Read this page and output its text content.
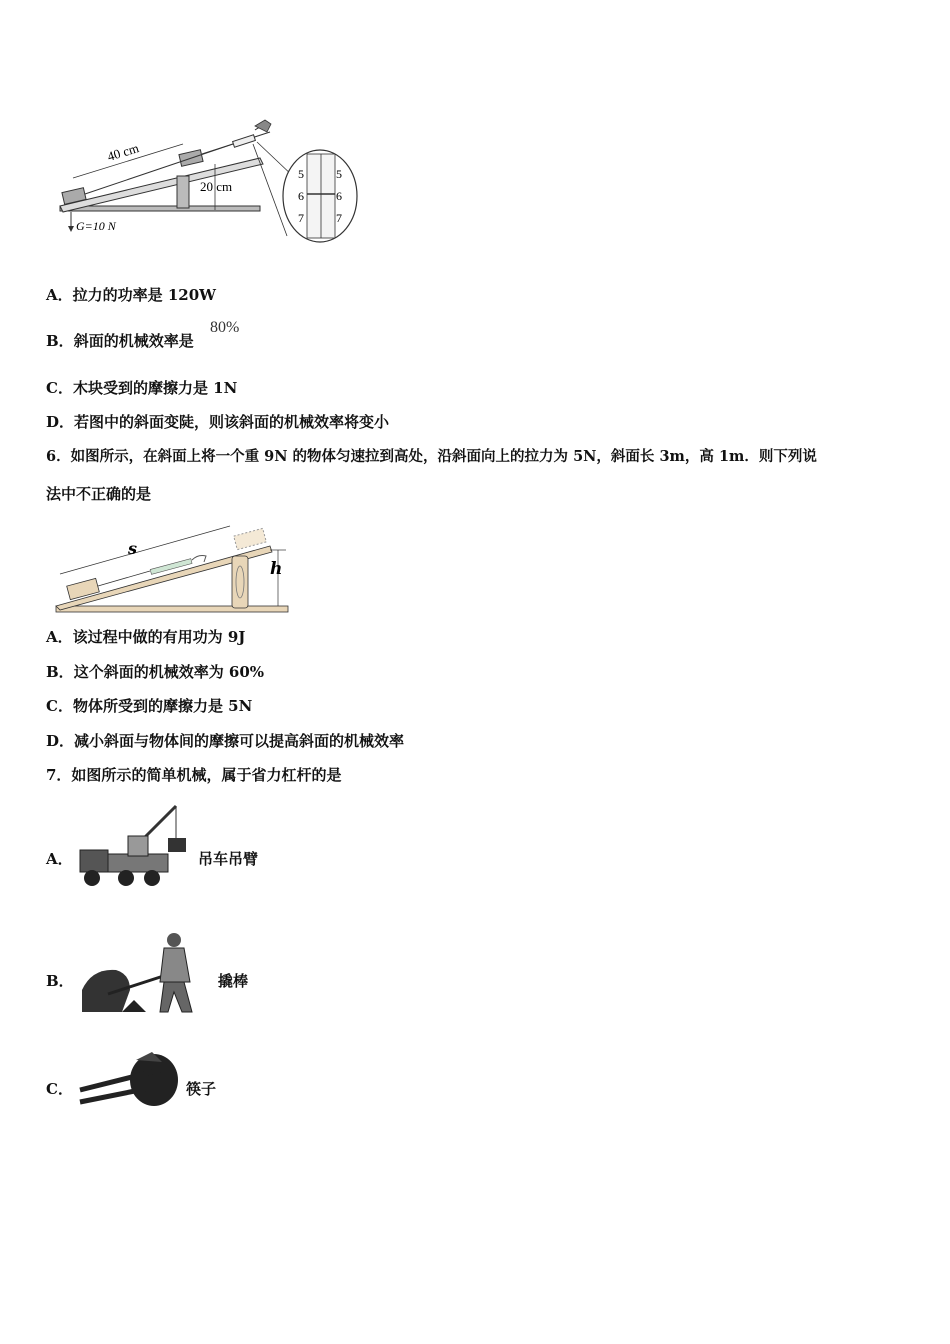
40 cm
20 cm
G=10 N
5
6
7
5
6
7
A．拉力的功率是 120W
B．斜面的机械效率是
80%
C．木块受到的摩擦力是 1N
D．若图中的斜面变陡，则该斜面的机械效率将变小
6．如图所示，在斜面上将一个重 9N 的物体匀速拉到高处，沿斜面向上的拉力为 5N，斜面长 3m，高 1m．则下列说
法中不正确的是
s
h
A．该过程中做的有用功为 9J
B．这个斜面的机械效率为 60%
C．物体所受到的摩擦力是 5N
D．减小斜面与物体间的摩擦可以提高斜面的机械效率
7．如图所示的简单机械，属于省力杠杆的是
A．	吊车吊臂
B．	撬棒
C．	筷子
